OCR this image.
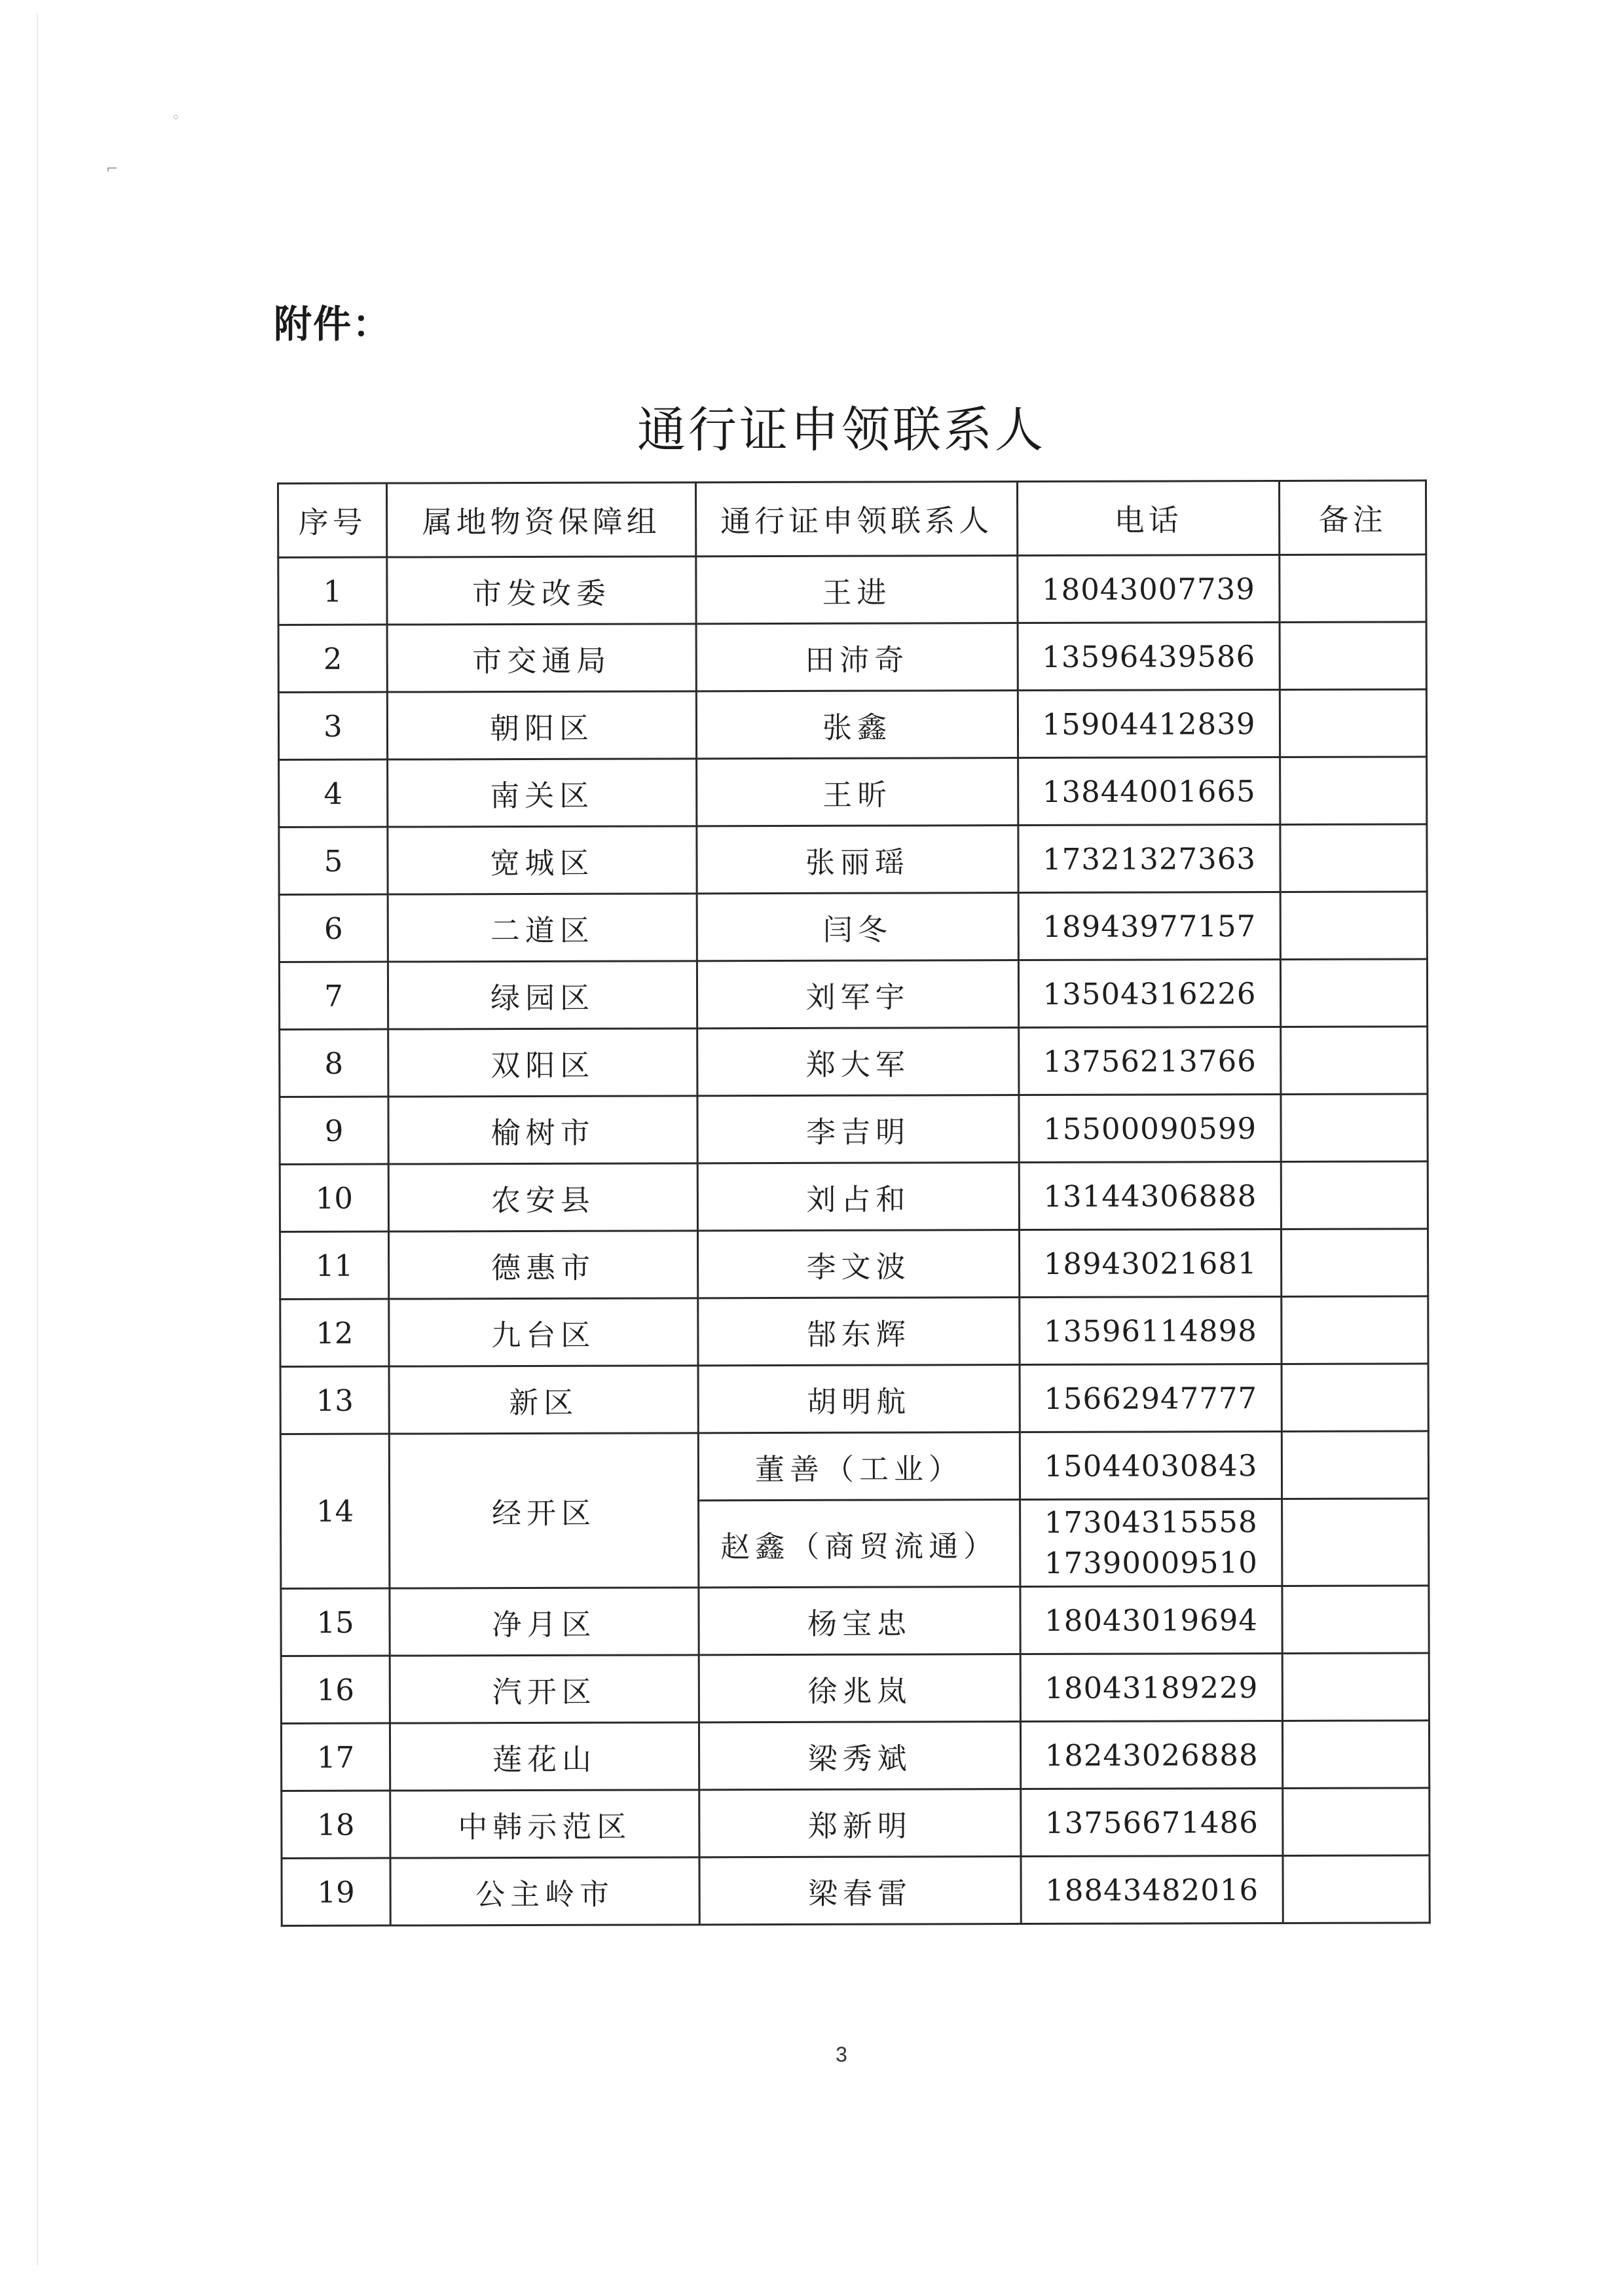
◦
⌐
附件：
通行证申领联系人
序号	属地物资保障组	通行证申领联系人	电话	备注
1	市发改委	王进	18043007739	
2	市交通局	田沛奇	13596439586	
3	朝阳区	张鑫	15904412839	
4	南关区	王昕	13844001665	
5	宽城区	张丽瑶	17321327363	
6	二道区	闫冬	18943977157	
7	绿园区	刘军宇	13504316226	
8	双阳区	郑大军	13756213766	
9	榆树市	李吉明	15500090599	
10	农安县	刘占和	13144306888	
11	德惠市	李文波	18943021681	
12	九台区	郜东辉	13596114898	
13	新区	胡明航	15662947777	
14	经开区	董善（工业）	15044030843	
		赵鑫（商贸流通）	17304315558
17390009510	

15	净月区	杨宝忠	18043019694	
16	汽开区	徐兆岚	18043189229	
17	莲花山	梁秀斌	18243026888	
18	中韩示范区	郑新明	13756671486	
19	公主岭市	梁春雷	18843482016	
3
